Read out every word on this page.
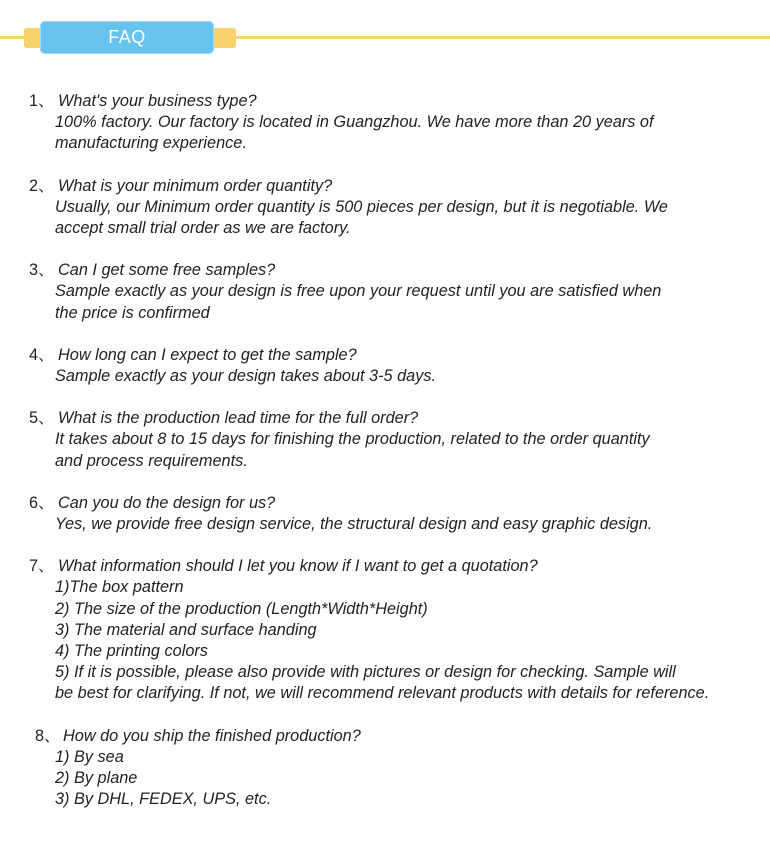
FAQ
1、 What's your business type?
100% factory. Our factory is located in Guangzhou. We have more than 20 years of
manufacturing experience.
2、 What is your minimum order quantity?
Usually, our Minimum order quantity is 500 pieces per design, but it is negotiable. We
accept small trial order as we are factory.
3、 Can I get some free samples?
Sample exactly as your design is free upon your request until you are satisfied when
the price is confirmed
4、 How long can I expect to get the sample?
Sample exactly as your design takes about 3-5 days.
5、 What is the production lead time for the full order?
It takes about 8 to 15 days for finishing the production, related to the order quantity
and process requirements.
6、 Can you do the design for us?
Yes, we provide free design service, the structural design and easy graphic design.
7、 What information should I let you know if I want to get a quotation?
1)The box pattern
2) The size of the production (Length*Width*Height)
3) The material and surface handing
4) The printing colors
5) If it is possible, please also provide with pictures or design for checking. Sample will
be best for clarifying. If not, we will recommend relevant products with details for reference.
8、 How do you ship the finished production?
1) By sea
2) By plane
3) By DHL, FEDEX, UPS, etc.
